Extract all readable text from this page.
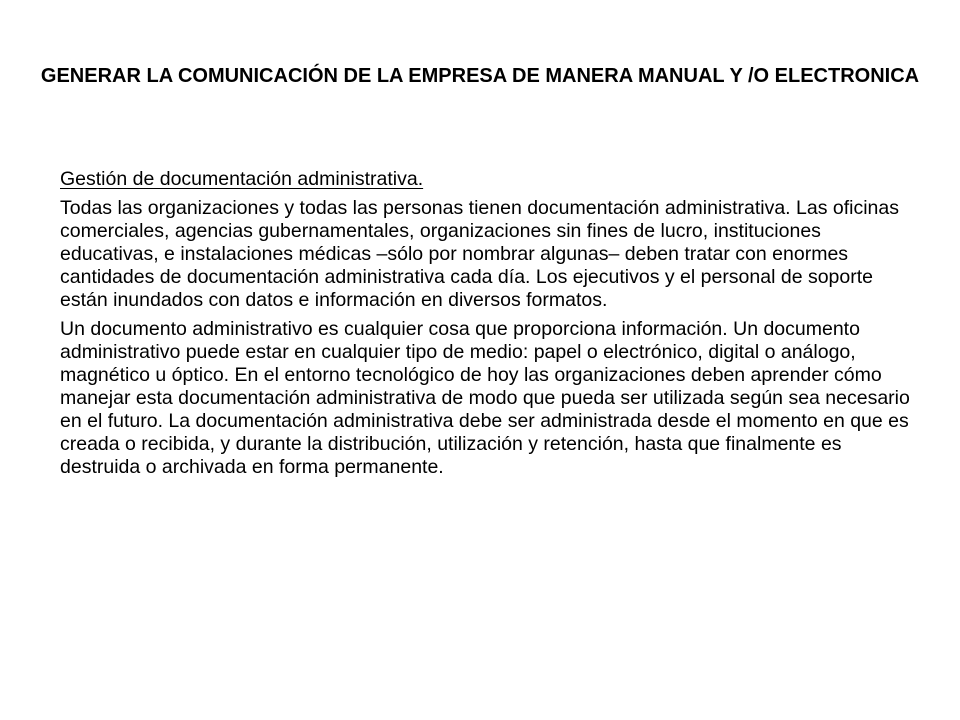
GENERAR LA COMUNICACIÓN DE LA EMPRESA DE MANERA MANUAL Y /O ELECTRONICA

Gestión de documentación administrativa.

Todas las organizaciones y todas las personas tienen documentación administrativa. Las oficinas comerciales, agencias gubernamentales, organizaciones sin fines de lucro, instituciones educativas, e instalaciones médicas –sólo por nombrar algunas– deben tratar con enormes cantidades de documentación administrativa cada día. Los ejecutivos y el personal de soporte están inundados con datos e información en diversos formatos.

Un documento administrativo es cualquier cosa que proporciona información. Un documento administrativo puede estar en cualquier tipo de medio: papel o electrónico, digital o análogo, magnético u óptico. En el entorno tecnológico de hoy las organizaciones deben aprender cómo manejar esta documentación administrativa de modo que pueda ser utilizada según sea necesario en el futuro. La documentación administrativa debe ser administrada desde el momento en que es creada o recibida, y durante la distribución, utilización y retención, hasta que finalmente es destruida o archivada en forma permanente.
